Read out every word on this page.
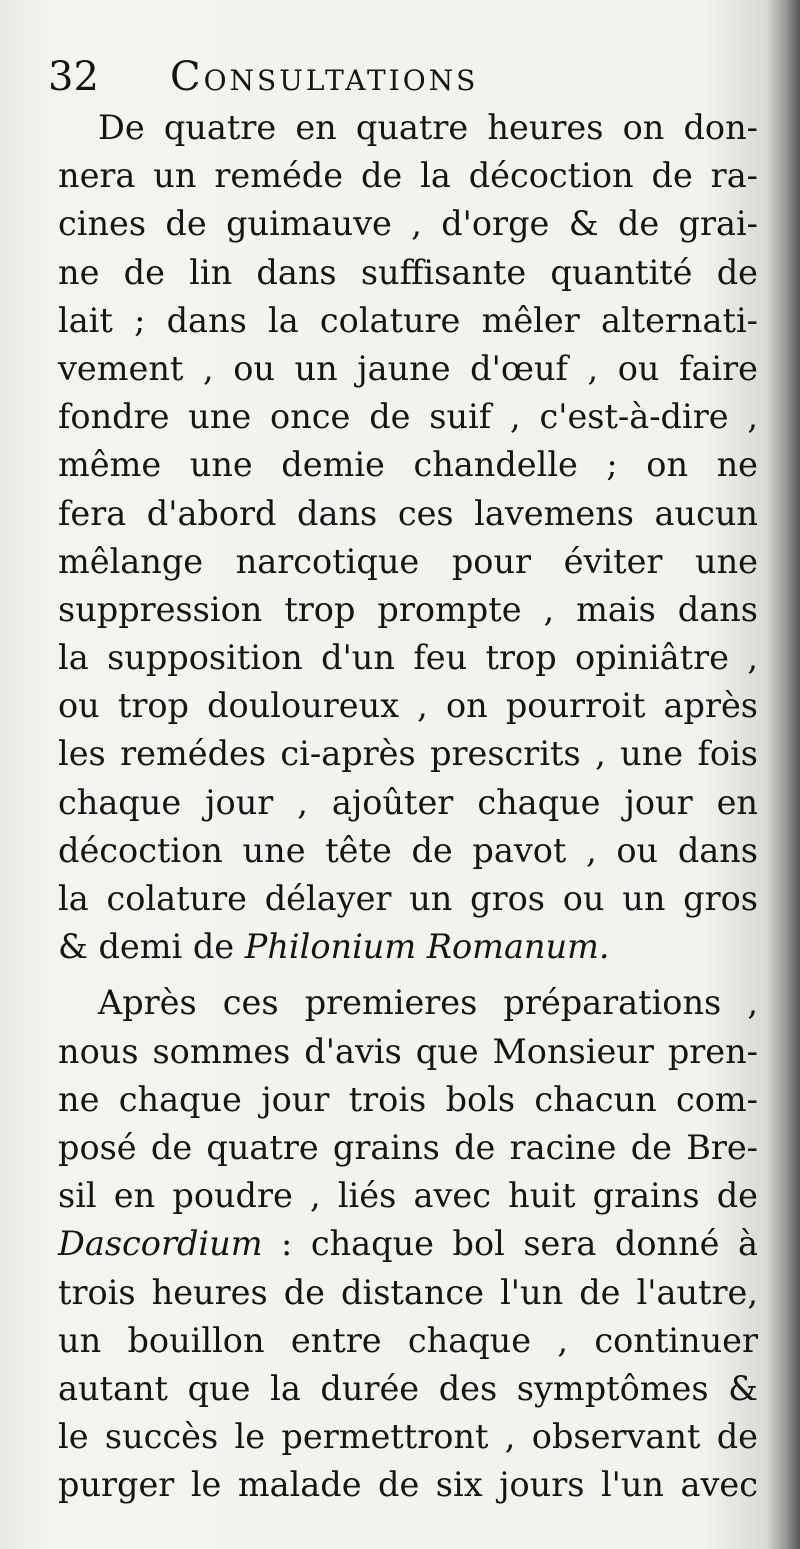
32 Consultations
De quatre en quatre heures on don-
nera un reméde de la décoction de ra-
cines de guimauve , d'orge & de grai-
ne de lin dans suffisante quantité de
lait ; dans la colature mêler alternati-
vement , ou un jaune d'œuf , ou faire
fondre une once de suif , c'est-à-dire ,
même une demie chandelle ; on ne
fera d'abord dans ces lavemens aucun
mêlange narcotique pour éviter une
suppression trop prompte , mais dans
la supposition d'un feu trop opiniâtre ,
ou trop douloureux , on pourroit après
les remédes ci-après prescrits , une fois
chaque jour , ajoûter chaque jour en
décoction une tête de pavot , ou dans
la colature délayer un gros ou un gros
& demi de Philonium Romanum.
Après ces premieres préparations ,
nous sommes d'avis que Monsieur pren-
ne chaque jour trois bols chacun com-
posé de quatre grains de racine de Bre-
sil en poudre , liés avec huit grains de
Dascordium : chaque bol sera donné à
trois heures de distance l'un de l'autre,
un bouillon entre chaque , continuer
autant que la durée des symptômes &
le succès le permettront , observant de
purger le malade de six jours l'un avec
